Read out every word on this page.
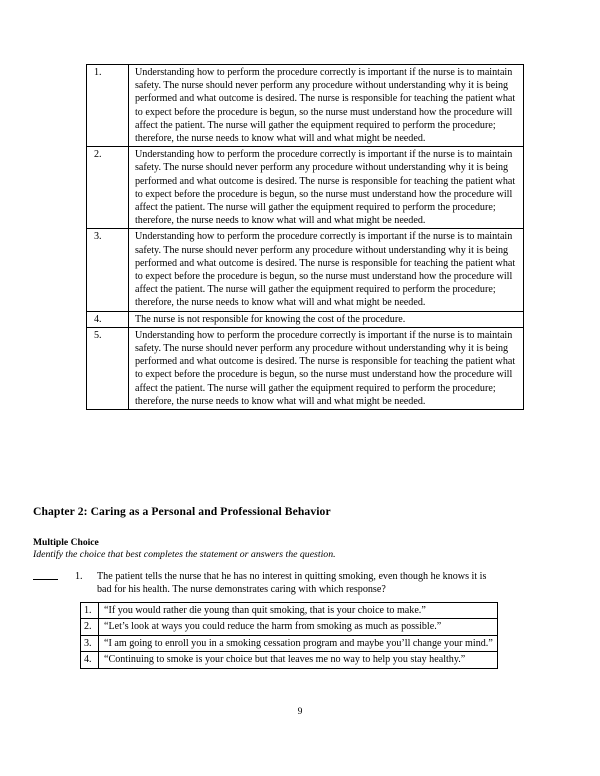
1.	Understanding how to perform the procedure correctly is important if the nurse is to maintain safety. The nurse should never perform any procedure without understanding why it is being performed and what outcome is desired. The nurse is responsible for teaching the patient what to expect before the procedure is begun, so the nurse must understand how the procedure will affect the patient. The nurse will gather the equipment required to perform the procedure; therefore, the nurse needs to know what will and what might be needed.
2.	Understanding how to perform the procedure correctly is important if the nurse is to maintain safety. The nurse should never perform any procedure without understanding why it is being performed and what outcome is desired. The nurse is responsible for teaching the patient what to expect before the procedure is begun, so the nurse must understand how the procedure will affect the patient. The nurse will gather the equipment required to perform the procedure; therefore, the nurse needs to know what will and what might be needed.
3.	Understanding how to perform the procedure correctly is important if the nurse is to maintain safety. The nurse should never perform any procedure without understanding why it is being performed and what outcome is desired. The nurse is responsible for teaching the patient what to expect before the procedure is begun, so the nurse must understand how the procedure will affect the patient. The nurse will gather the equipment required to perform the procedure; therefore, the nurse needs to know what will and what might be needed.
4.	The nurse is not responsible for knowing the cost of the procedure.
5.	Understanding how to perform the procedure correctly is important if the nurse is to maintain safety. The nurse should never perform any procedure without understanding why it is being performed and what outcome is desired. The nurse is responsible for teaching the patient what to expect before the procedure is begun, so the nurse must understand how the procedure will affect the patient. The nurse will gather the equipment required to perform the procedure; therefore, the nurse needs to know what will and what might be needed.
Chapter 2: Caring as a Personal and Professional Behavior
Multiple Choice
Identify the choice that best completes the statement or answers the question.
1.	The patient tells the nurse that he has no interest in quitting smoking, even though he knows it is bad for his health. The nurse demonstrates caring with which response?
1.	“If you would rather die young than quit smoking, that is your choice to make.”
2.	“Let’s look at ways you could reduce the harm from smoking as much as possible.”
3.	“I am going to enroll you in a smoking cessation program and maybe you’ll change your mind.”
4.	“Continuing to smoke is your choice but that leaves me no way to help you stay healthy.”
9
